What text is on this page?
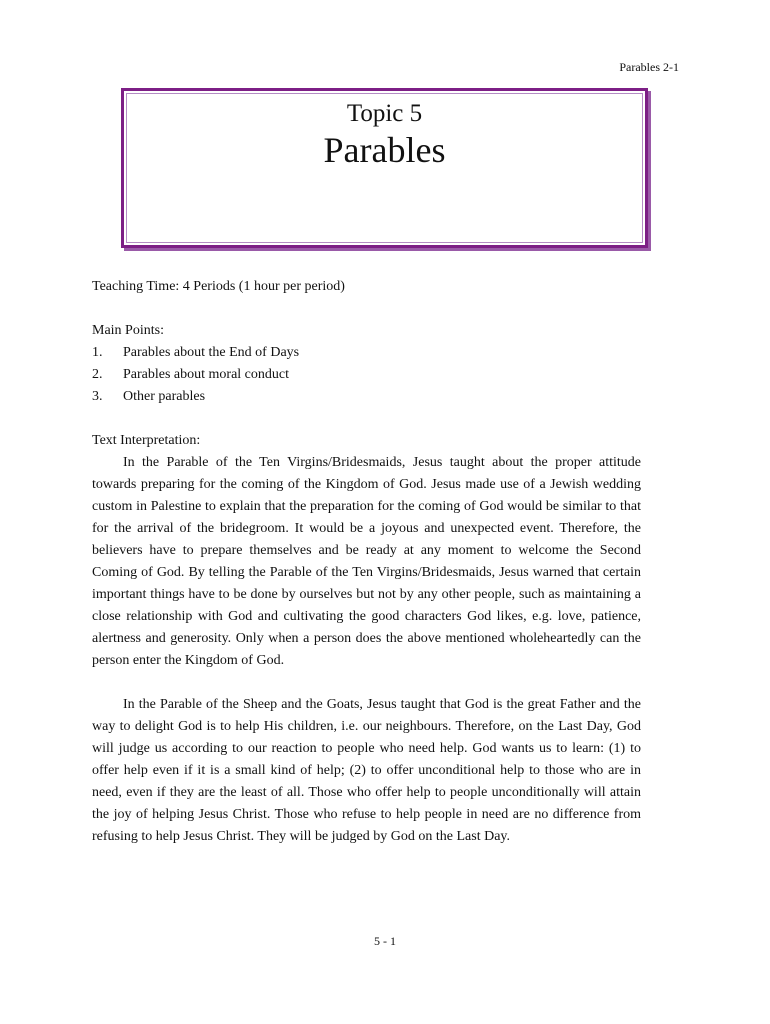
Parables 2-1
Topic 5
Parables

Teaching Time: 4 Periods (1 hour per period)

Main Points:

1.	Parables about the End of Days
2.	Parables about moral conduct
3.	Other parables

Text Interpretation:

In the Parable of the Ten Virgins/Bridesmaids, Jesus taught about the proper attitude towards preparing for the coming of the Kingdom of God. Jesus made use of a Jewish wedding custom in Palestine to explain that the preparation for the coming of God would be similar to that for the arrival of the bridegroom. It would be a joyous and unexpected event. Therefore, the believers have to prepare themselves and be ready at any moment to welcome the Second Coming of God. By telling the Parable of the Ten Virgins/Bridesmaids, Jesus warned that certain important things have to be done by ourselves but not by any other people, such as maintaining a close relationship with God and cultivating the good characters God likes, e.g. love, patience, alertness and generosity. Only when a person does the above mentioned wholeheartedly can the person enter the Kingdom of God.

In the Parable of the Sheep and the Goats, Jesus taught that God is the great Father and the way to delight God is to help His children, i.e. our neighbours. Therefore, on the Last Day, God will judge us according to our reaction to people who need help. God wants us to learn: (1) to offer help even if it is a small kind of help; (2) to offer unconditional help to those who are in need, even if they are the least of all. Those who offer help to people unconditionally will attain the joy of helping Jesus Christ. Those who refuse to help people in need are no difference from refusing to help Jesus Christ. They will be judged by God on the Last Day.

5 - 1
